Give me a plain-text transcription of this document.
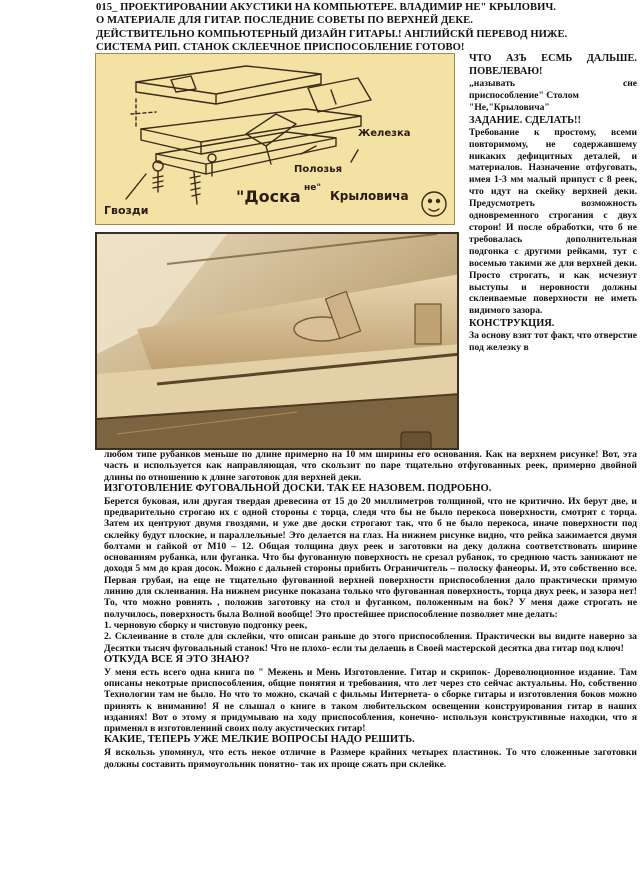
015_ ПРОЕКТИРОВАНИИ АКУСТИКИ НА КОМПЬЮТЕРЕ. ВЛАДИМИР НЕ" КРЫЛОВИЧ.
О МАТЕРИАЛЕ ДЛЯ ГИТАР. ПОСЛЕДНИЕ СОВЕТЫ ПО ВЕРХНЕЙ ДЕКЕ.
ДЕЙСТВИТЕЛЬНО КОМПЬЮТЕРНЫЙ ДИЗАЙН ГИТАРЫ.! АНГЛИЙСКЙ ПЕРЕВОД НИЖЕ.
СИСТЕМА РИП. СТАНОК СКЛЕЕЧНОЕ ПРИСПОСОБЛЕНИЕ ГОТОВО!
Железка
Полозья
Гвозди
"Доска не"
Крыловича

ЧТО АЗЪ ЕСМЬ ДАЛЬШЕ. ПОВЕЛЕВАЮ!

„называть	сне

приспособление" Столом

"Не,"Крыловича"

ЗАДАНИЕ. СДЕЛАТЬ!!

Требование к простому, всеми повторимому, не содержавшему никаких дефицитных деталей, и материалов. Назначение отфуговать, имея 1-3 мм малый припуст с 8 реек, что идут на скейку верхней деки. Предусмотреть возможность одновременного строгания с двух сторон! И после обработки, что б не требовалась дополнительная подгонка с другими рейками, тут с восемью такими же для верхней деки. Просто строгать, и как исчезнут выступы и неровности должны склеиваемые поверхности не иметь видимого зазора.

КОНСТРУКЦИЯ.

За основу взят тот факт, что отверстие под железку в

любом типе рубанков меньше по длине примерно на 10 мм ширины его основания. Как на верхнем рисунке! Вот, эта часть и используется как направляющая, что скользит по паре тщательно отфугованных реек, примерно двойной длины по отношению к длине заготовок для верхней деки.

ИЗГОТОВЛЕНИЕ ФУГОВАЛЬНОЙ ДОСКИ. ТАК ЕЕ НАЗОВЕМ. ПОДРОБНО.

Берется буковая, или другая твердая древесина от 15 до 20 миллиметров толщиной, что не критично. Их берут две, и предварительно строгаю их с одной стороны с торца, следя что бы не было перекоса поверхности, смотрят с торца. Затем их центруют двумя гвоздями, и уже две доски строгают так, что б не было перекоса, иначе поверхности под склейку будут плоские, и параллельные! Это делается на глаз. На нижнем рисунке видно, что рейка зажимается двумя болтами и гайкой от М10 – 12. Общая толщина двух реек и заготовки на деку должна соответствовать ширине основаниям рубанка, или фуганка. Что бы фугованную поверхность не срезал рубанок, то среднюю часть занижают не доходя 5 мм до края досок. Можно с дальней стороны прибить Ограничитель – полоску фанеоры. И, это собственно все. Первая грубая, на еще не тщательно фугованной верхней поверхности приспособления дало практически прямую линию для склеивания. На нижнем рисунке показана только что фугованная поверхность, торца двух реек, и зазора нет! То, что можно ровнять , положив заготовку на стол и фуганком, положенным на бок? У меня даже строгать не получилось, поверхность была Волной вообще! Это простейшее приспособление позволяет мне делать:

1. черновую сборку и чистовую подгонку реек,

2. Склеивание в столе для склейки, что описан раньше до этого приспособления. Практически вы видите наверно за Десятки тысяч фуговальный станок! Что не плохо- если ты делаешь в Своей мастерской десятка два гитар под ключ!

ОТКУДА ВСЕ Я ЭТО ЗНАЮ?

У меня есть всего одна книга по " Межень и Мень Изготовление. Гитар и скрипок- Дореволюционное издание. Там описаны некотрые приспособления, общие понятия и требования, что лет через сто сейчас актуальны. Но, собственно Технологии там не было. Но что то можно, скачай с фильмы Интернета- о сборке гитары и изготовления боков можно принять к вниманию! Я не слышал о книге в таком любительском освещении конструирования гитар в наших изданиях! Вот о этому я придумываю на ходу приспособления, конечно- используя конструктивные находки, что я применял в изготовлениий своих полу акустических гитар!

КАКИЕ, ТЕПЕРЬ УЖЕ МЕЛКИЕ ВОПРОСЫ НАДО РЕШИТЬ.

Я вскользь упомянул, что есть некое отличие в Размере крайних четырех пластинок. То что сложенные заготовки должны составить прямоугольник понятно- так их проще сжать при склейке.
